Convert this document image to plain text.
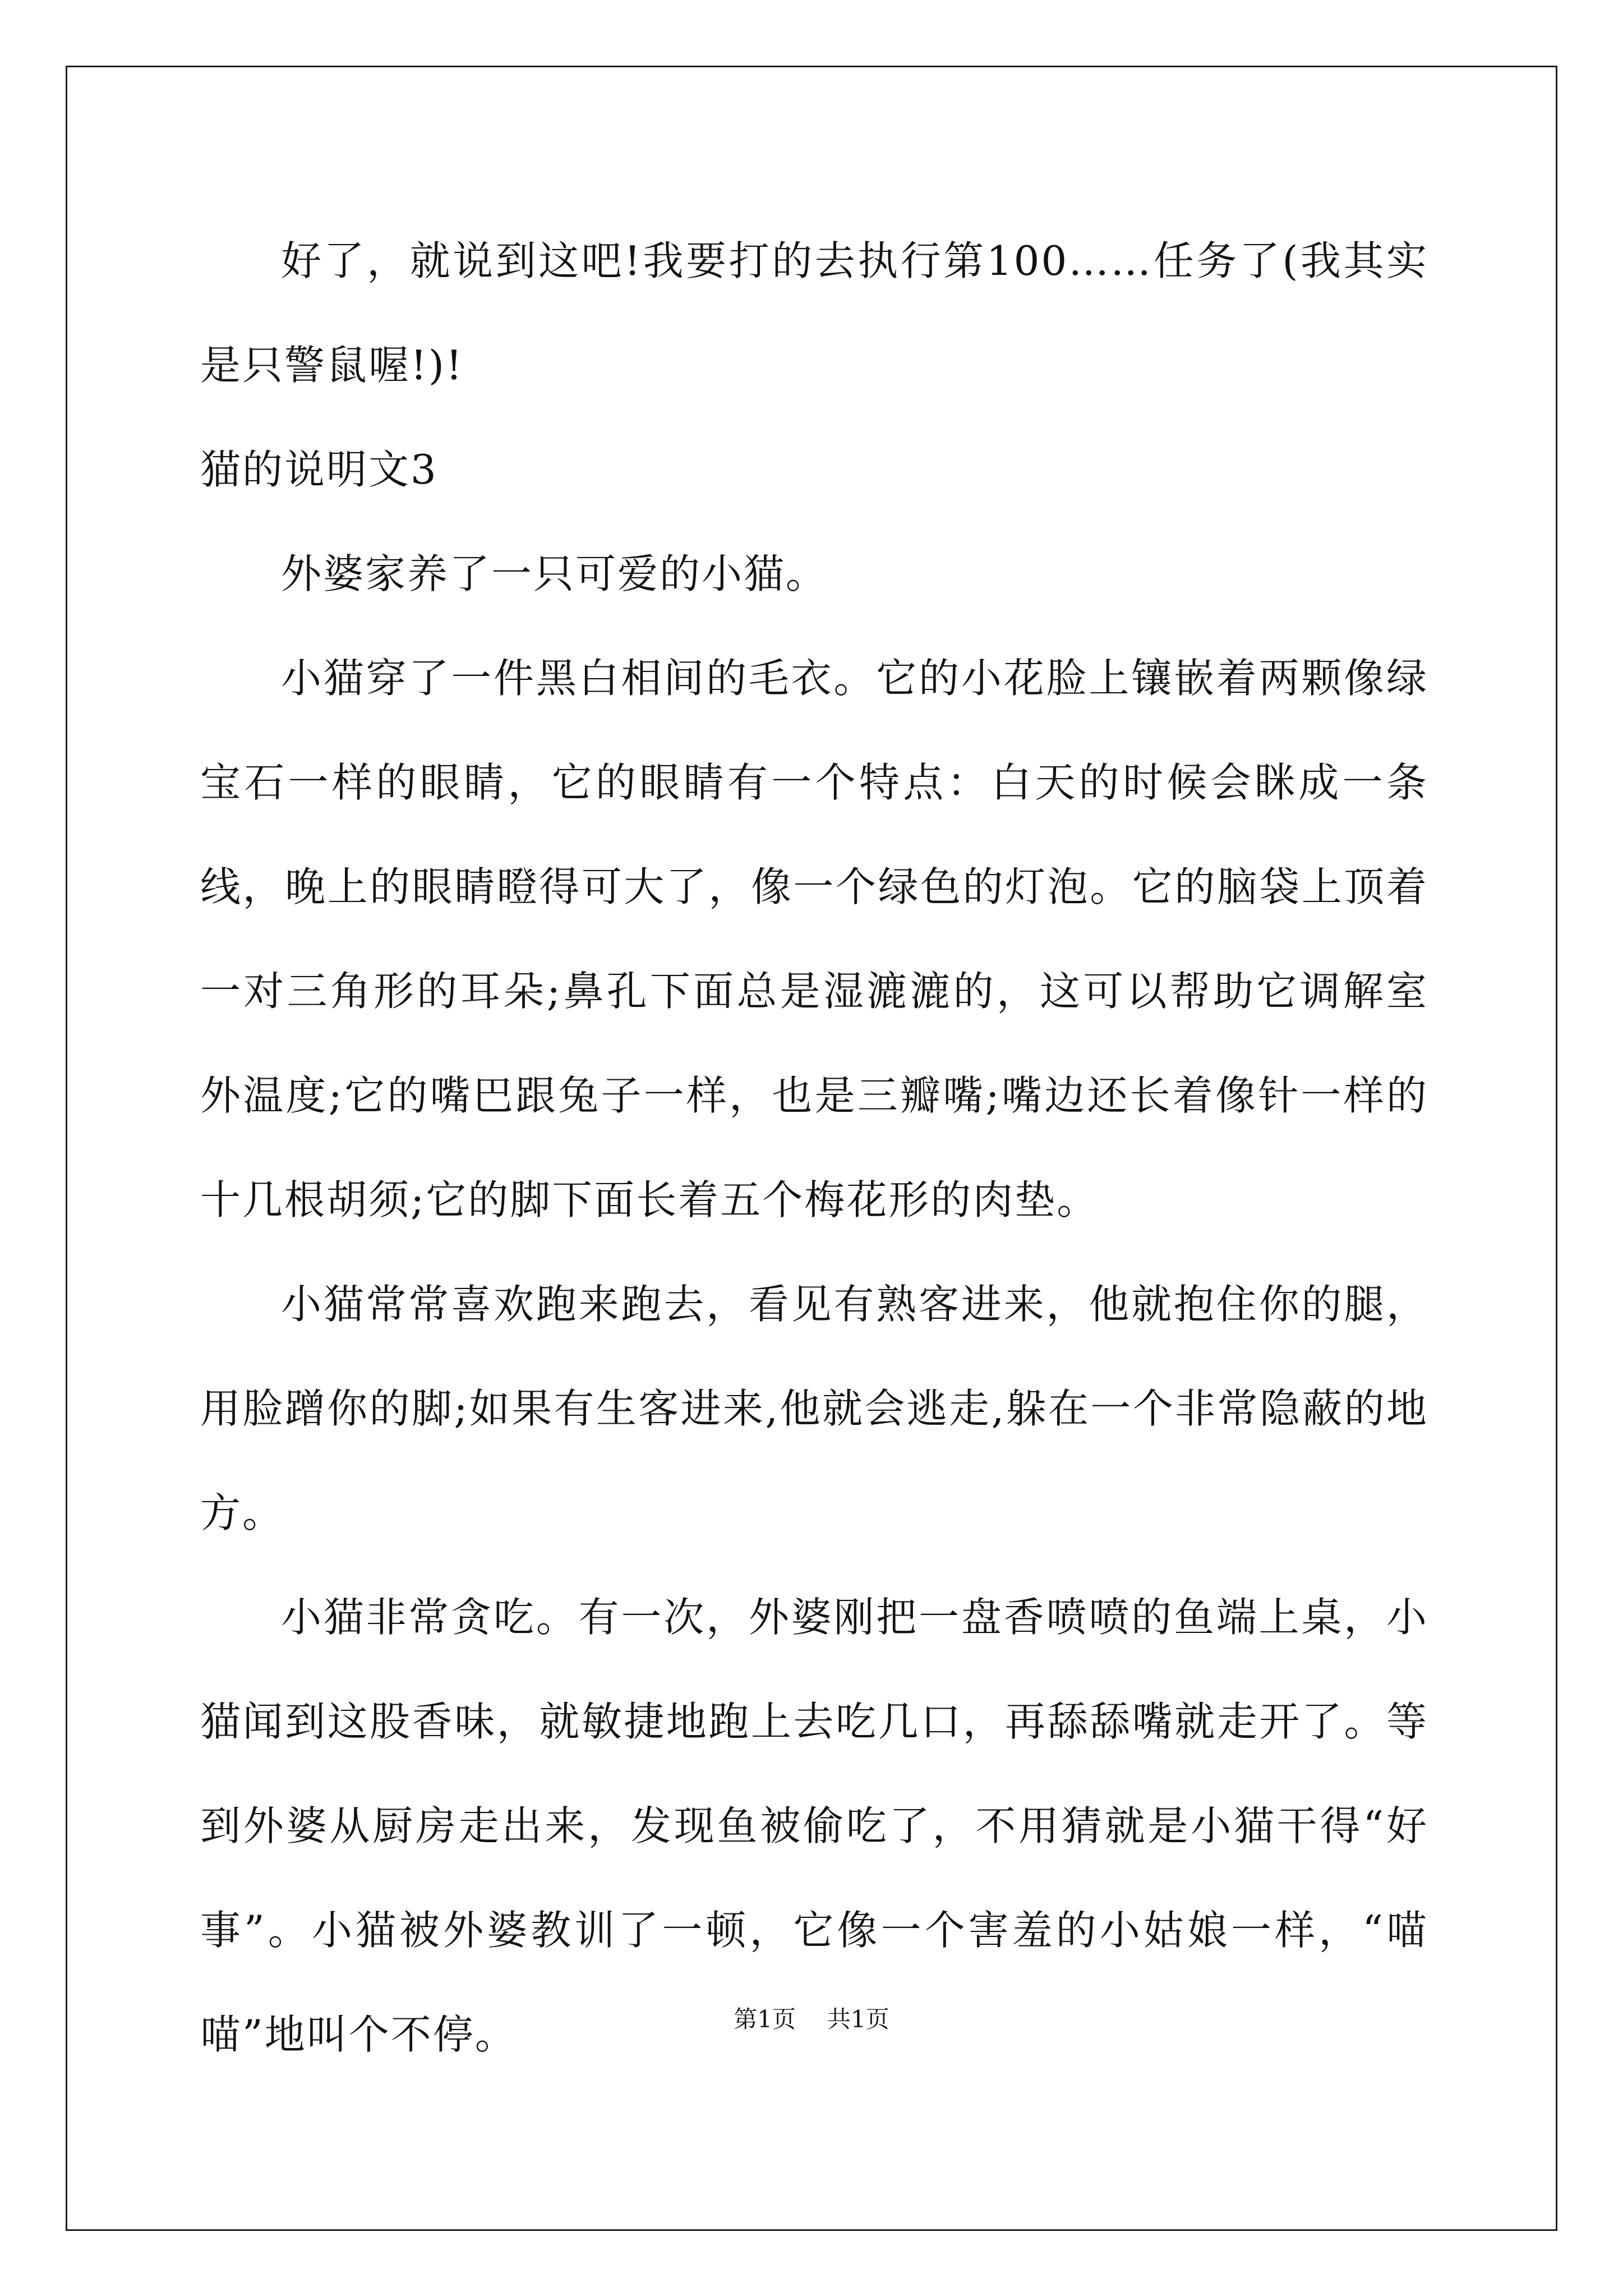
好了，就说到这吧!我要打的去执行第100……任务了(我其实是只警鼠喔!)!

猫的说明文3

外婆家养了一只可爱的小猫。

小猫穿了一件黑白相间的毛衣。它的小花脸上镶嵌着两颗像绿宝石一样的眼睛，它的眼睛有一个特点：白天的时候会眯成一条线，晚上的眼睛瞪得可大了，像一个绿色的灯泡。它的脑袋上顶着一对三角形的耳朵;鼻孔下面总是湿漉漉的，这可以帮助它调解室外温度;它的嘴巴跟兔子一样，也是三瓣嘴;嘴边还长着像针一样的十几根胡须;它的脚下面长着五个梅花形的肉垫。

小猫常常喜欢跑来跑去，看见有熟客进来，他就抱住你的腿，用脸蹭你的脚;如果有生客进来,他就会逃走,躲在一个非常隐蔽的地方。

小猫非常贪吃。有一次，外婆刚把一盘香喷喷的鱼端上桌，小猫闻到这股香味，就敏捷地跑上去吃几口，再舔舔嘴就走开了。等到外婆从厨房走出来，发现鱼被偷吃了，不用猜就是小猫干得“好事”。小猫被外婆教训了一顿，它像一个害羞的小姑娘一样，“喵喵”地叫个不停。	第1页 共1页
